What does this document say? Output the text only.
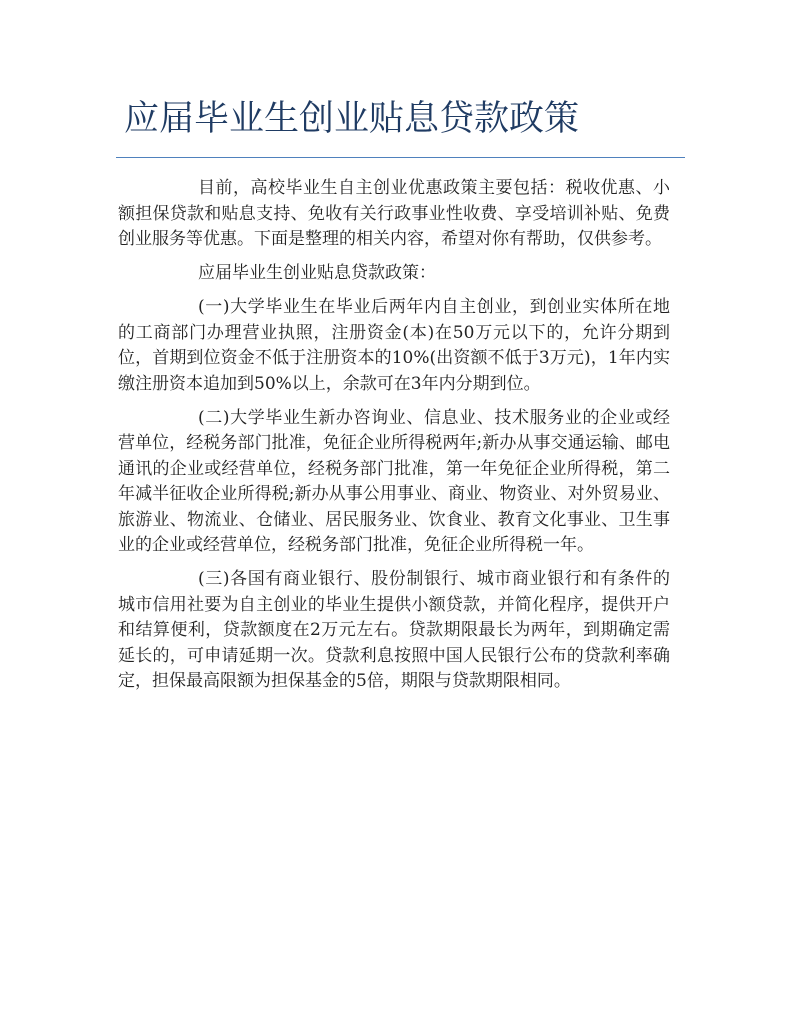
应届毕业生创业贴息贷款政策

目前，高校毕业生自主创业优惠政策主要包括：税收优惠、小额担保贷款和贴息支持、免收有关行政事业性收费、享受培训补贴、免费创业服务等优惠。下面是整理的相关内容，希望对你有帮助，仅供参考。

应届毕业生创业贴息贷款政策：

(一)大学毕业生在毕业后两年内自主创业，到创业实体所在地的工商部门办理营业执照，注册资金(本)在50万元以下的，允许分期到位，首期到位资金不低于注册资本的10%(出资额不低于3万元)，1年内实缴注册资本追加到50%以上，余款可在3年内分期到位。

(二)大学毕业生新办咨询业、信息业、技术服务业的企业或经营单位，经税务部门批准，免征企业所得税两年;新办从事交通运输、邮电通讯的企业或经营单位，经税务部门批准，第一年免征企业所得税，第二年减半征收企业所得税;新办从事公用事业、商业、物资业、对外贸易业、旅游业、物流业、仓储业、居民服务业、饮食业、教育文化事业、卫生事业的企业或经营单位，经税务部门批准，免征企业所得税一年。

(三)各国有商业银行、股份制银行、城市商业银行和有条件的城市信用社要为自主创业的毕业生提供小额贷款，并简化程序，提供开户和结算便利，贷款额度在2万元左右。贷款期限最长为两年，到期确定需延长的，可申请延期一次。贷款利息按照中国人民银行公布的贷款利率确定，担保最高限额为担保基金的5倍，期限与贷款期限相同。
